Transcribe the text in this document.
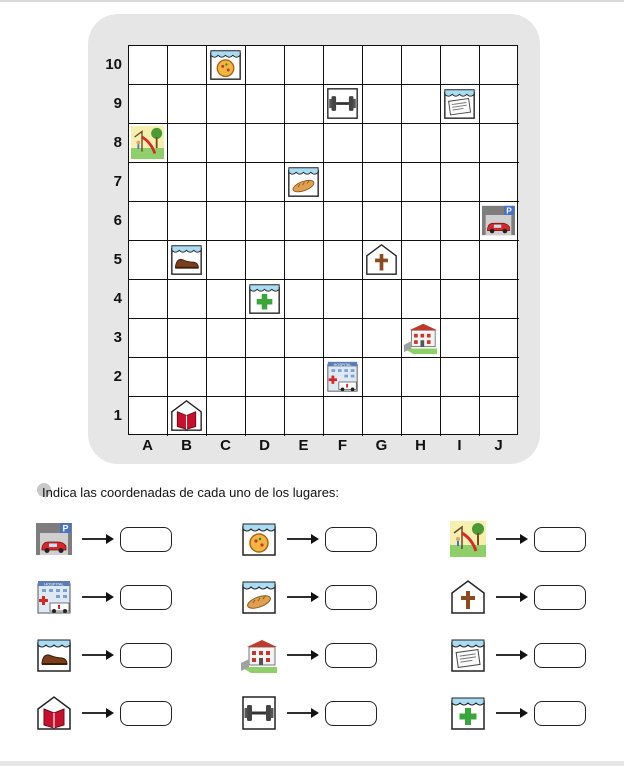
10
9
8
7
6
5
4
3
2
1
A	B	C	D	E	F	G	H	I	J
P
HOSPITAL
Indica las coordenadas de cada uno de los lugares:
P
HOSPITAL
